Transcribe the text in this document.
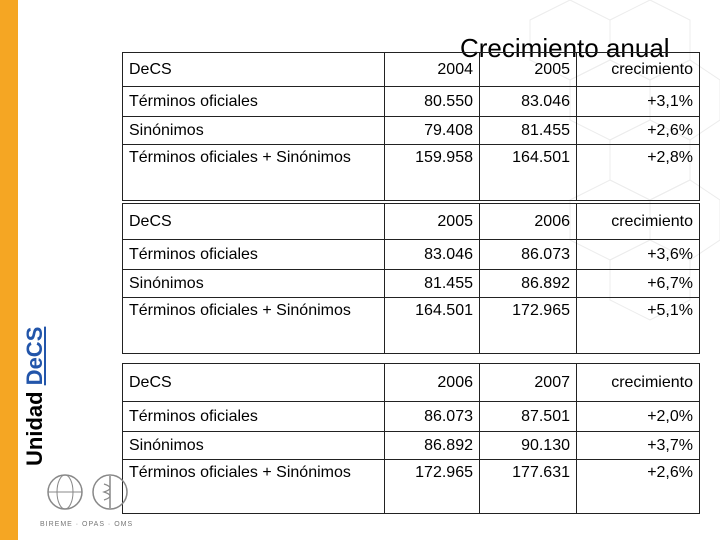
Unidad DeCS
Crecimiento anual
DeCS	2004	2005	crecimiento
Términos oficiales	80.550	83.046	+3,1%
Sinónimos	79.408	81.455	+2,6%
Términos oficiales + Sinónimos	159.958	164.501	+2,8%
DeCS	2005	2006	crecimiento
Términos oficiales	83.046	86.073	+3,6%
Sinónimos	81.455	86.892	+6,7%
Términos oficiales + Sinónimos	164.501	172.965	+5,1%
DeCS	2006	2007	crecimiento
Términos oficiales	86.073	87.501	+2,0%
Sinónimos	86.892	90.130	+3,7%
Términos oficiales + Sinónimos	172.965	177.631	+2,6%
BIREME · OPAS · OMS
